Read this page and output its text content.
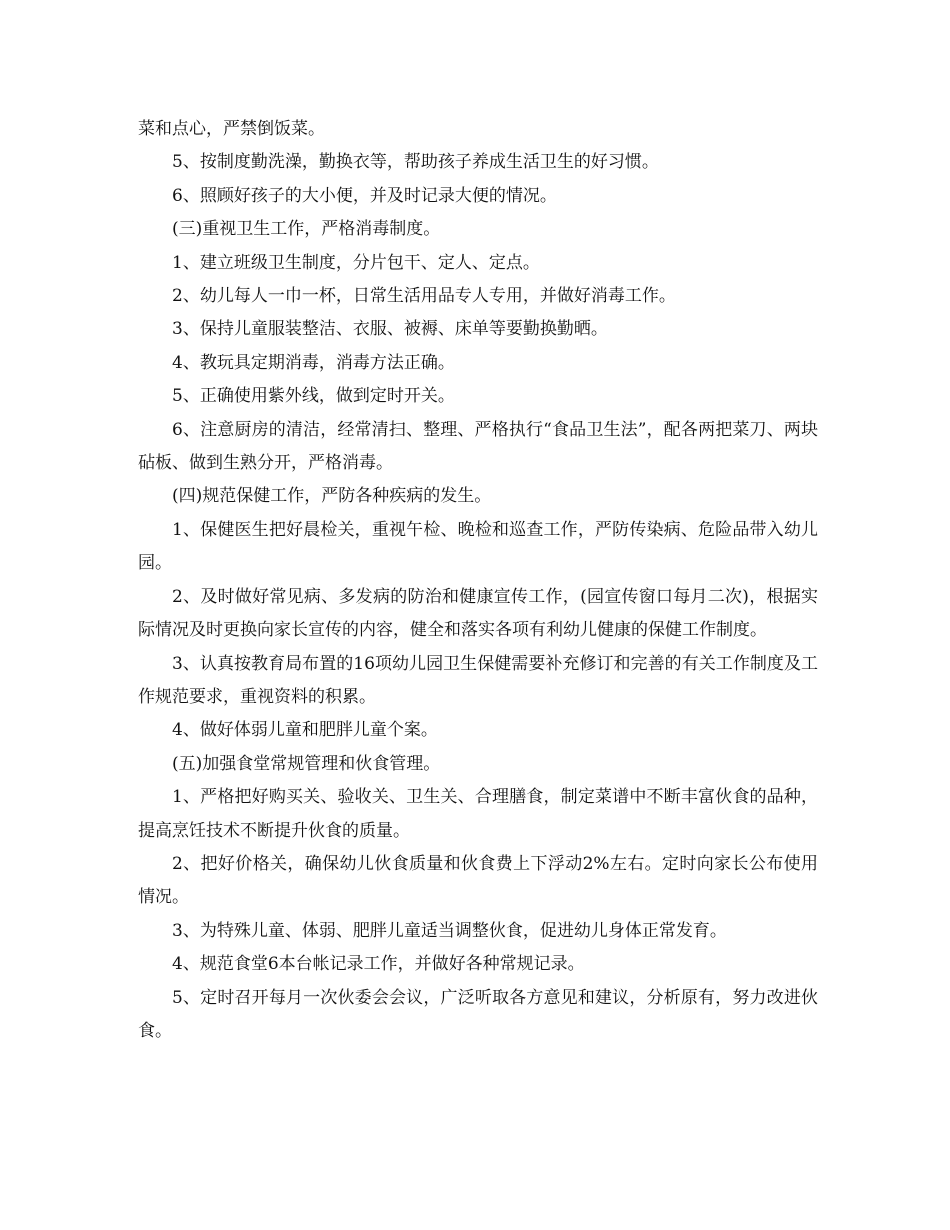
菜和点心，严禁倒饭菜。

5、按制度勤洗澡，勤换衣等，帮助孩子养成生活卫生的好习惯。

6、照顾好孩子的大小便，并及时记录大便的情况。

(三)重视卫生工作，严格消毒制度。

1、建立班级卫生制度，分片包干、定人、定点。

2、幼儿每人一巾一杯，日常生活用品专人专用，并做好消毒工作。

3、保持儿童服装整洁、衣服、被褥、床单等要勤换勤晒。

4、教玩具定期消毒，消毒方法正确。

5、正确使用紫外线，做到定时开关。

6、注意厨房的清洁，经常清扫、整理、严格执行“食品卫生法”，配各两把菜刀、两块砧板、做到生熟分开，严格消毒。

(四)规范保健工作，严防各种疾病的发生。

1、保健医生把好晨检关，重视午检、晚检和巡查工作，严防传染病、危险品带入幼儿园。

2、及时做好常见病、多发病的防治和健康宣传工作，(园宣传窗口每月二次)，根据实际情况及时更换向家长宣传的内容，健全和落实各项有利幼儿健康的保健工作制度。

3、认真按教育局布置的16项幼儿园卫生保健需要补充修订和完善的有关工作制度及工作规范要求，重视资料的积累。

4、做好体弱儿童和肥胖儿童个案。

(五)加强食堂常规管理和伙食管理。

1、严格把好购买关、验收关、卫生关、合理膳食，制定菜谱中不断丰富伙食的品种，提高烹饪技术不断提升伙食的质量。

2、把好价格关，确保幼儿伙食质量和伙食费上下浮动2%左右。定时向家长公布使用情况。

3、为特殊儿童、体弱、肥胖儿童适当调整伙食，促进幼儿身体正常发育。

4、规范食堂6本台帐记录工作，并做好各种常规记录。

5、定时召开每月一次伙委会会议，广泛听取各方意见和建议，分析原有，努力改进伙食。
